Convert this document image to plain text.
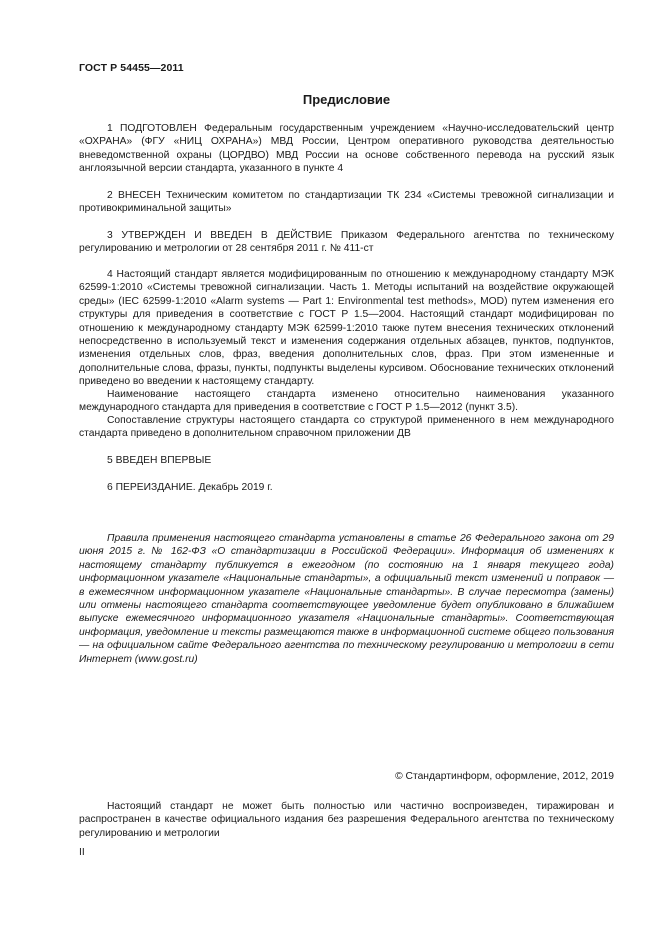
ГОСТ Р 54455—2011
Предисловие

1 ПОДГОТОВЛЕН Федеральным государственным учреждением «Научно-исследовательский центр «ОХРАНА» (ФГУ «НИЦ ОХРАНА») МВД России, Центром оперативного руководства деятельностью вневедомственной охраны (ЦОРДВО) МВД России на основе собственного перевода на русский язык англоязычной версии стандарта, указанного в пункте 4

2 ВНЕСЕН Техническим комитетом по стандартизации ТК 234 «Системы тревожной сигнализации и противокриминальной защиты»

3 УТВЕРЖДЕН И ВВЕДЕН В ДЕЙСТВИЕ Приказом Федерального агентства по техническому регулированию и метрологии от 28 сентября 2011 г. № 411-ст

4 Настоящий стандарт является модифицированным по отношению к международному стандарту МЭК 62599-1:2010 «Системы тревожной сигнализации. Часть 1. Методы испытаний на воздействие окружающей среды» (IEC 62599-1:2010 «Alarm systems — Part 1: Environmental test methods», MOD) путем изменения его структуры для приведения в соответствие с ГОСТ Р 1.5—2004. Настоящий стандарт модифицирован по отношению к международному стандарту МЭК 62599-1:2010 также путем внесения технических отклонений непосредственно в используемый текст и изменения содержания отдельных абзацев, пунктов, подпунктов, изменения отдельных слов, фраз, введения дополнительных слов, фраз. При этом измененные и дополнительные слова, фразы, пункты, подпункты выделены курсивом. Обоснование технических отклонений приведено во введении к настоящему стандарту.

Наименование настоящего стандарта изменено относительно наименования указанного международного стандарта для приведения в соответствие с ГОСТ Р 1.5—2012 (пункт 3.5).

Сопоставление структуры настоящего стандарта со структурой примененного в нем международного стандарта приведено в дополнительном справочном приложении ДВ

5 ВВЕДЕН ВПЕРВЫЕ

6 ПЕРЕИЗДАНИЕ. Декабрь 2019 г.

Правила применения настоящего стандарта установлены в статье 26 Федерального закона от 29 июня 2015 г. № 162-ФЗ «О стандартизации в Российской Федерации». Информация об изменениях к настоящему стандарту публикуется в ежегодном (по состоянию на 1 января текущего года) информационном указателе «Национальные стандарты», а официальный текст изменений и поправок — в ежемесячном информационном указателе «Национальные стандарты». В случае пересмотра (замены) или отмены настоящего стандарта соответствующее уведомление будет опубликовано в ближайшем выпуске ежемесячного информационного указателя «Национальные стандарты». Соответствующая информация, уведомление и тексты размещаются также в информационной системе общего пользования — на официальном сайте Федерального агентства по техническому регулированию и метрологии в сети Интернет (www.gost.ru)

© Стандартинформ, оформление, 2012, 2019

Настоящий стандарт не может быть полностью или частично воспроизведен, тиражирован и распространен в качестве официального издания без разрешения Федерального агентства по техническому регулированию и метрологии

II
